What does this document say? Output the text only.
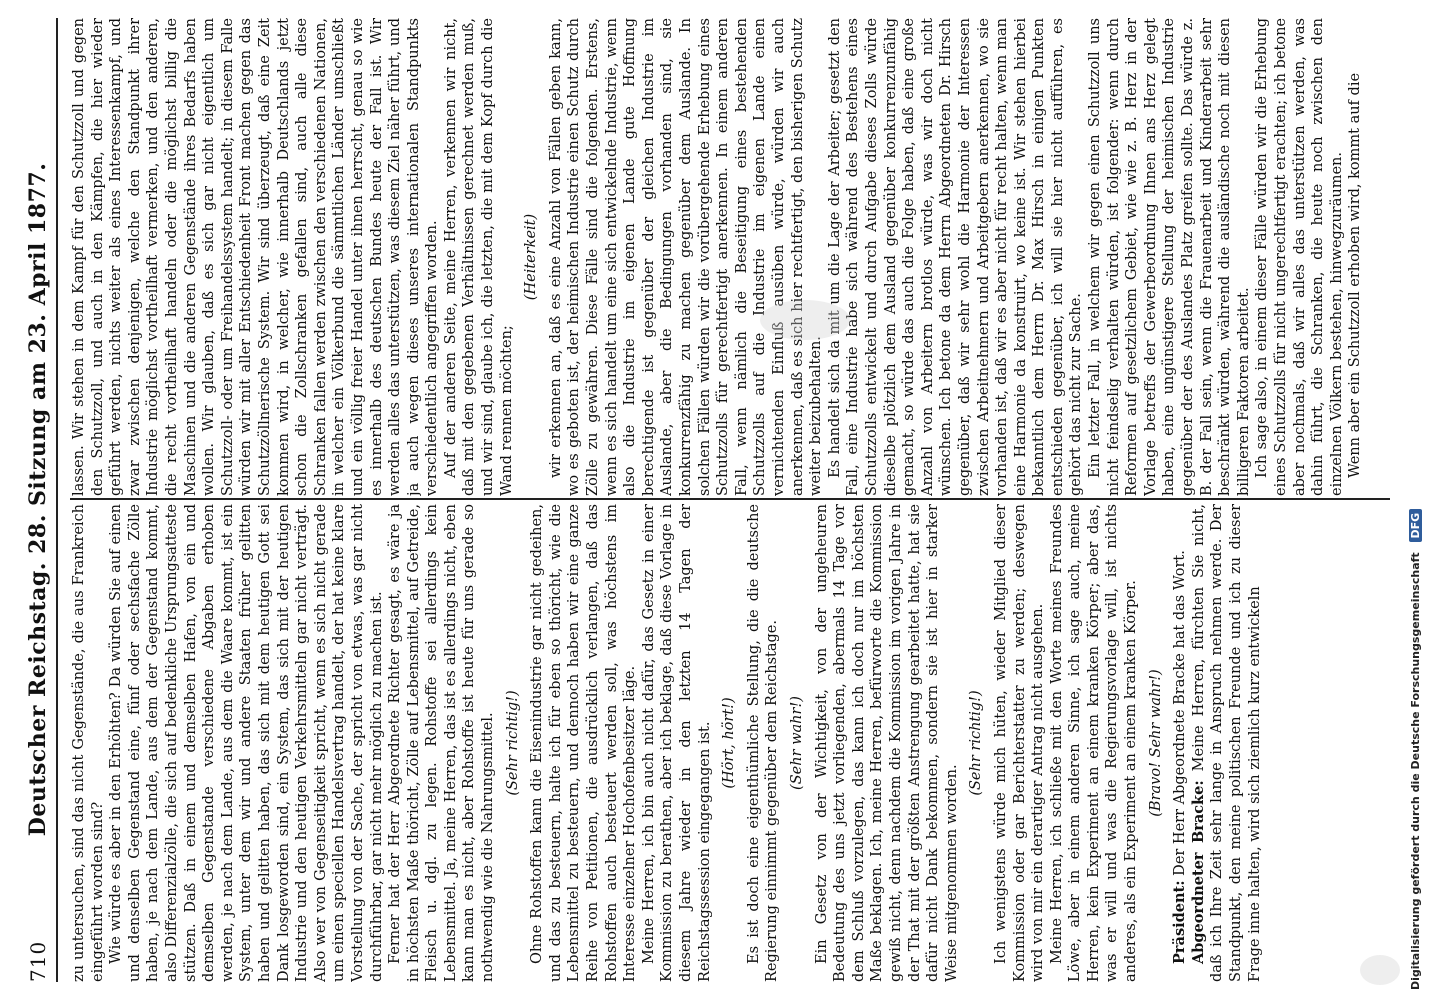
710
Deutscher Reichstag. 28. Sitzung am 23. April 1877. zu untersuchen, sind das nicht Gegenstände, die aus Frankreich eingeführt worden sind? Wie würde es aber in den Erhöhten? Da würden Sie auf einen und denselben Gegenstand eine, fünf oder sechsfache Zölle haben, je nach dem Lande, aus dem der Gegenstand kommt, also Differenzialzölle, die sich auf bedenkliche Ursprungsatteste stützen. Daß in einem und demselben Hafen, von ein und demselben Gegenstande verschiedene Abgaben erhoben werden, je nach dem Lande, aus dem die Waare kommt, ist ein System, unter dem wir und andere Staaten früher gelitten haben und gelitten haben, das sich mit dem heutigen Gott sei Dank losgeworden sind, ein System, das sich mit der heutigen Industrie und den heutigen Verkehrsmitteln gar nicht verträgt. Also wer von Gegenseitigkeit spricht, wenn es sich nicht gerade um einen speciellen Handelsvertrag handelt, der hat keine klare Vorstellung von der Sache, der spricht von etwas, was gar nicht durchführbar, gar nicht mehr möglich zu machen ist. Ferner hat der Herr Abgeordnete Richter gesagt, es wäre ja in höchsten Maße thöricht, Zölle auf Lebensmittel, auf Getreide, Fleisch u. dgl. zu legen. Rohstoffe sei allerdings kein Lebensmittel. Ja, meine Herren, das ist es allerdings nicht, eben kann man es nicht, aber Rohstoffe ist heute für uns gerade so nothwendig wie die Nahrungsmittel. (Sehr richtig!) Ohne Rohstoffen kann die Eisenindustrie gar nicht gedeihen, und das zu besteuern, halte ich für eben so thöricht, wie die Lebensmittel zu besteuern, und dennoch haben wir eine ganze Reihe von Petitionen, die ausdrücklich verlangen, daß das Rohstoffen auch besteuert werden soll, was höchstens im Interesse einzelner Hochofenbesitzer läge. Meine Herren, ich bin auch nicht dafür, das Gesetz in einer Kommission zu berathen, aber ich beklage, daß diese Vorlage in diesem Jahre wieder in den letzten 14 Tagen der Reichstagssession eingegangen ist. (Hört, hört!) Es ist doch eine eigenthümliche Stellung, die die deutsche Regierung einnimmt gegenüber dem Reichstage. (Sehr wahr!) Ein Gesetz von der Wichtigkeit, von der ungeheuren Bedeutung des uns jetzt vorliegenden, abermals 14 Tage vor dem Schluß vorzulegen, das kann ich doch nur im höchsten Maße beklagen. Ich, meine Herren, befürworte die Kommission gewiß nicht, denn nachdem die Kommission im vorigen Jahre in der That mit der größten Anstrengung gearbeitet hatte, hat sie dafür nicht Dank bekommen, sondern sie ist hier in starker Weise mitgenommen worden.

(Sehr richtig!) Ich wenigstens würde mich hüten, wieder Mitglied dieser Kommission oder gar Berichterstatter zu werden; deswegen wird von mir ein derartiger Antrag nicht ausgehen. Meine Herren, ich schließe mit den Worte meines Freundes Löwe, aber in einem anderen Sinne, ich sage auch, meine Herren, kein Experiment an einem kranken Körper; aber das, was er will und was die Regierungsvorlage will, ist nichts anderes, als ein Experiment an einem kranken Körper. (Bravo! Sehr wahr!)

Präsident: Der Herr Abgeordnete Bracke hat das Wort. Abgeordneter Bracke: Meine Herren, fürchten Sie nicht, daß ich Ihre Zeit sehr lange in Anspruch nehmen werde. Der Standpunkt, den meine politischen Freunde und ich zu dieser Frage inne halten, wird sich ziemlich kurz entwickeln

lassen. Wir stehen in dem Kampf für den Schutzzoll und gegen den Schutzzoll, und auch in den Kämpfen, die hier wieder geführt werden, nichts weiter als eines Interessenkampf, und zwar zwischen denjenigen, welche den Standpunkt ihrer Industrie möglichst vortheilhaft vermerken, und den anderen, die recht vortheilhaft handeln oder die möglichst billig die Maschinen und die anderen Gegenstände ihres Bedarfs haben wollen. Wir glauben, daß es sich gar nicht eigentlich um Schutzzoll- oder um Freihandelssystem handelt; in diesem Falle würden wir mit aller Entschiedenheit Front machen gegen das Schutzzöllnerische System. Wir sind überzeugt, daß eine Zeit kommen wird, in welcher, wie innerhalb Deutschlands jetzt schon die Zollschranken gefallen sind, auch alle diese Schranken fallen werden zwischen den verschiedenen Nationen, in welcher ein Völkerbund die sämmtlichen Länder umschließt und ein völlig freier Handel unter ihnen herrscht, genau so wie es innerhalb des deutschen Bundes heute der Fall ist. Wir werden alles das unterstützen, was diesem Ziel näher führt, und ja auch wegen dieses unseres internationalen Standpunkts verschiedentlich angegriffen worden. Auf der anderen Seite, meine Herren, verkennen wir nicht, daß mit den gegebenen Verhältnissen gerechnet werden muß, und wir sind, glaube ich, die letzten, die mit dem Kopf durch die Wand rennen möchten;

(Heiterkeit) wir erkennen an, daß es eine Anzahl von Fällen geben kann, wo es geboten ist, der heimischen Industrie einen Schutz durch Zölle zu gewähren. Diese Fälle sind die folgenden. Erstens, wenn es sich handelt um eine sich entwickelnde Industrie, wenn also die Industrie im eigenen Lande gute Hoffnung berechtigende ist gegenüber der gleichen Industrie im Auslande, aber die Bedingungen vorhanden sind, sie konkurrenzfähig zu machen gegenüber dem Auslande. In solchen Fällen würden wir die vorübergehende Erhebung eines Schutzzolls für gerechtfertigt anerkennen. In einem anderen Fall, wenn nämlich die Beseitigung eines bestehenden Schutzzolls auf die Industrie im eigenen Lande einen vernichtenden Einfluß ausüben würde, würden wir auch anerkennen, daß es sich hier rechtfertigt, den bisherigen Schutz weiter beizubehalten. Es handelt sich da mit um die Lage der Arbeiter; gesetzt den Fall, eine Industrie habe sich während des Bestehens eines Schutzzolls entwickelt und durch Aufgabe dieses Zolls würde dieselbe plötzlich dem Ausland gegenüber konkurrenzunfähig gemacht, so würde das auch die Folge haben, daß eine große Anzahl von Arbeitern brotlos würde, was wir doch nicht wünschen. Ich betone da dem Herrn Abgeordneten Dr. Hirsch gegenüber, daß wir sehr wohl die Harmonie der Interessen zwischen Arbeitnehmern und Arbeitgebern anerkennen, wo sie vorhanden ist, daß wir es aber nicht für recht halten, wenn man eine Harmonie da konstruirt, wo keine ist. Wir stehen hierbei bekanntlich dem Herrn Dr. Max Hirsch in einigen Punkten entschieden gegenüber, ich will sie hier nicht aufführen, es gehört das nicht zur Sache. Ein letzter Fall, in welchem wir gegen einen Schutzzoll uns nicht feindselig verhalten würden, ist folgender: wenn durch Reformen auf gesetzlichem Gebiet, wie wie z. B. Herz in der Vorlage betreffs der Gewerbeordnung Ihnen ans Herz gelegt haben, eine ungünstigere Stellung der heimischen Industrie gegenüber der des Auslandes Platz greifen sollte. Das würde z. B. der Fall sein, wenn die Frauenarbeit und Kinderarbeit sehr beschränkt würden, während die ausländische noch mit diesen billigeren Faktoren arbeitet. Ich sage also, in einem dieser Fälle würden wir die Erhebung eines Schutzzolls für nicht ungerechtfertigt erachten; ich betone aber nochmals, daß wir alles das unterstützen werden, was dahin führt, die Schranken, die heute noch zwischen den einzelnen Völkern bestehen, hinwegzuräumen. Wenn aber ein Schutzzoll erhoben wird, kommt auf die

Digitalisierung gefördert durch die Deutsche Forschungsgemeinschaft DFG
